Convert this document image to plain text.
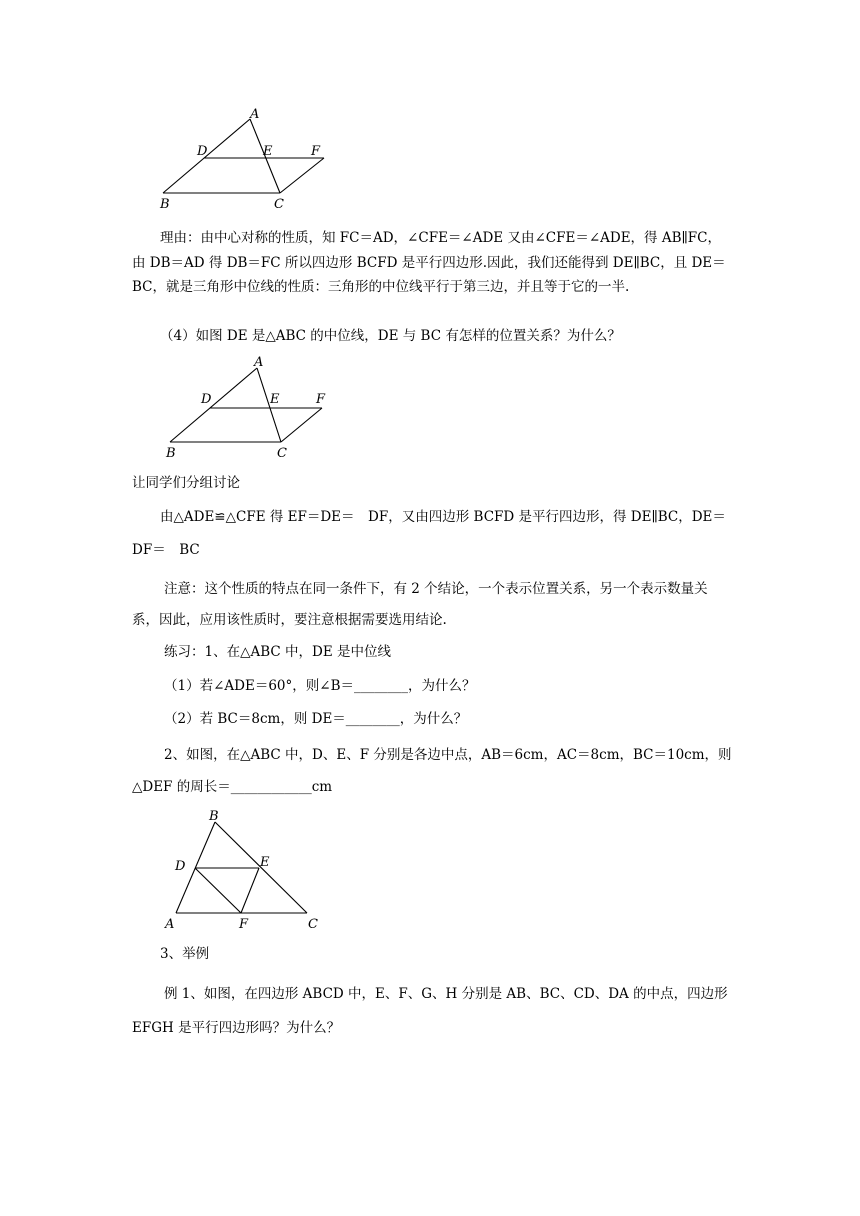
A
D	E	F
B	C
A
D	E	F
B	C
B
D	E
A	F	C

理由：由中心对称的性质，知 FC＝AD，∠CFE＝∠ADE 又由∠CFE＝∠ADE，得 AB∥FC，由 DB＝AD 得 DB＝FC 所以四边形 BCFD 是平行四边形.因此，我们还能得到 DE∥BC，且 DE＝BC，就是三角形中位线的性质：三角形的中位线平行于第三边，并且等于它的一半.

（4）如图 DE 是△ABC 的中位线，DE 与 BC 有怎样的位置关系？为什么？
让同学们分组讨论
由△ADE≌△CFE 得 EF＝DE＝　DF，又由四边形 BCFD 是平行四边形，得 DE∥BC，DE＝
DF＝　BC

注意：这个性质的特点在同一条件下，有 2 个结论，一个表示位置关系，另一个表示数量关系，因此，应用该性质时，要注意根据需要选用结论.

练习：1、在△ABC 中，DE 是中位线
（1）若∠ADE＝60°，则∠B＝________，为什么？
（2）若 BC＝8cm，则 DE＝________，为什么？
2、如图，在△ABC 中，D、E、F 分别是各边中点，AB＝6cm，AC＝8cm，BC＝10cm，则
△DEF 的周长＝____________cm
3、举例

例 1、如图，在四边形 ABCD 中，E、F、G、H 分别是 AB、BC、CD、DA 的中点，四边形 EFGH 是平行四边形吗？为什么？
